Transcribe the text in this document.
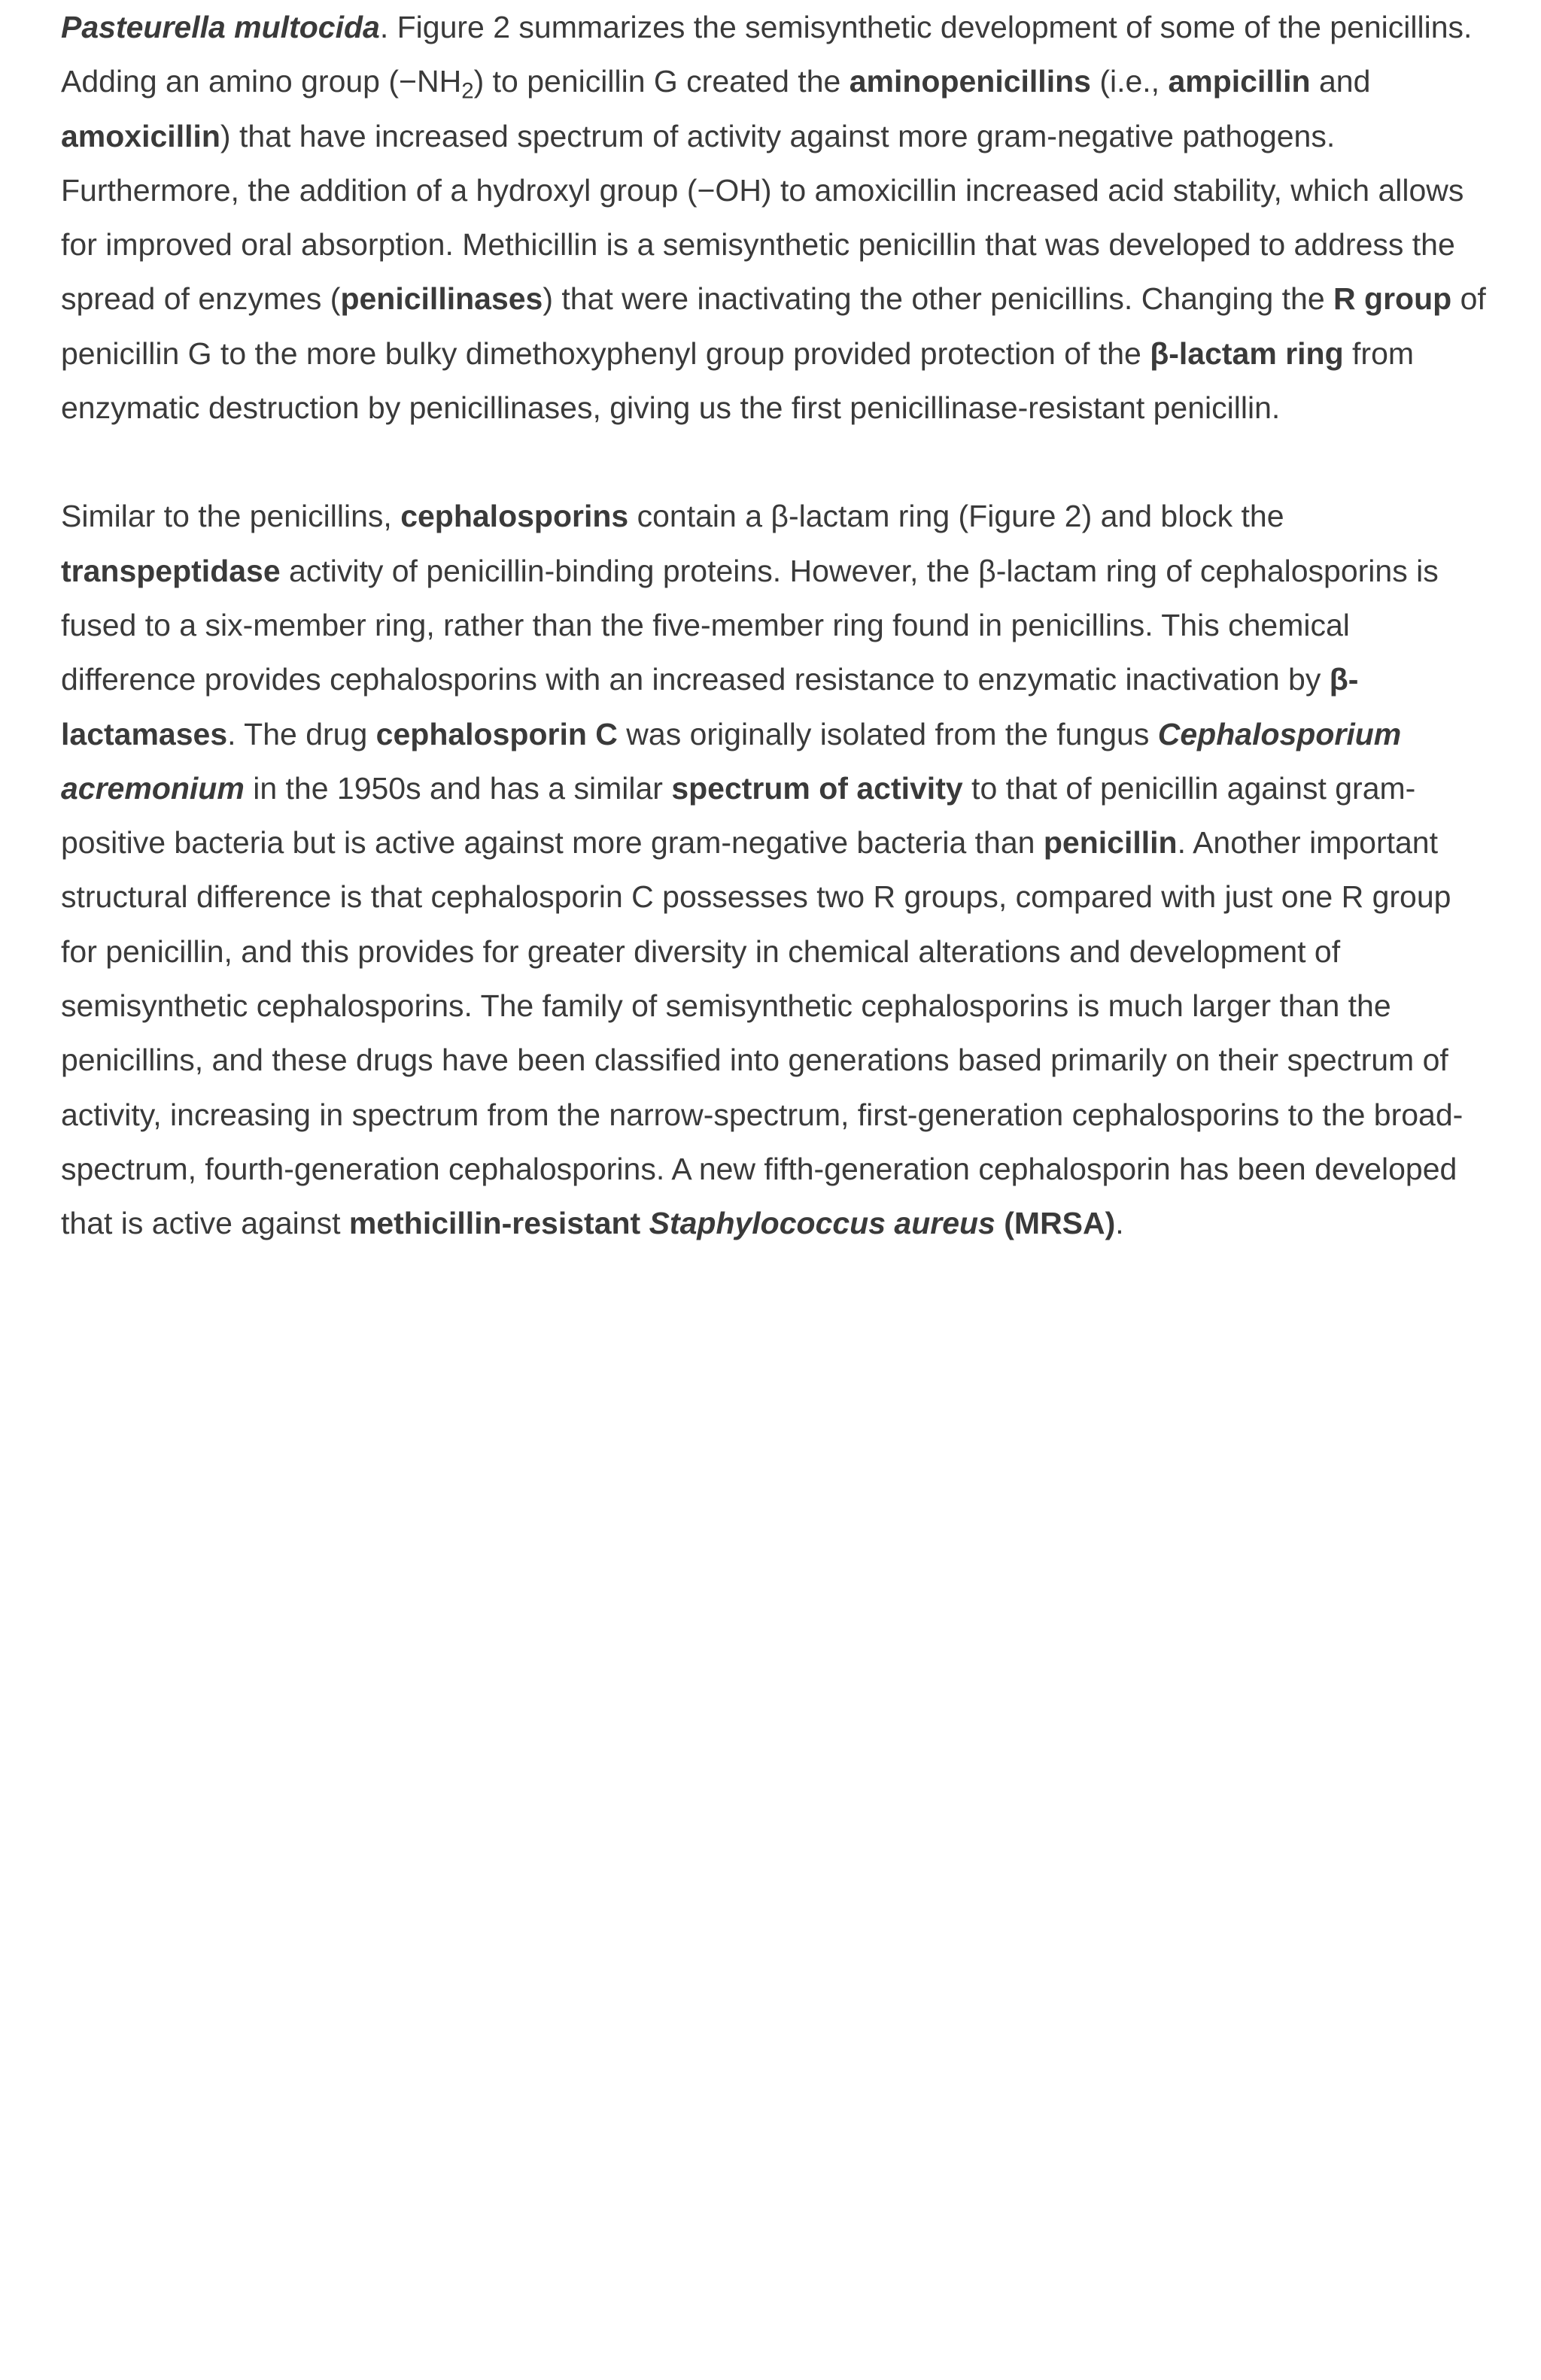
Pasteurella multocida. Figure 2 summarizes the semisynthetic development of some of the penicillins. Adding an amino group $(-NH_2)$ to penicillin G created the aminopenicillins (i.e., ampicillin and amoxicillin) that have increased spectrum of activity against more gram-negative pathogens. Furthermore, the addition of a hydroxyl group (−OH) to amoxicillin increased acid stability, which allows for improved oral absorption. Methicillin is a semisynthetic penicillin that was developed to address the spread of enzymes (penicillinases) that were inactivating the other penicillins. Changing the R group of penicillin G to the more bulky dimethoxyphenyl group provided protection of the β-lactam ring from enzymatic destruction by penicillinases, giving us the first penicillinase-resistant penicillin.

Similar to the penicillins, cephalosporins contain a β-lactam ring (Figure 2) and block the transpeptidase activity of penicillin-binding proteins. However, the β-lactam ring of cephalosporins is fused to a six-member ring, rather than the five-member ring found in penicillins. This chemical difference provides cephalosporins with an increased resistance to enzymatic inactivation by β-lactamases. The drug cephalosporin C was originally isolated from the fungus Cephalosporium acremonium in the 1950s and has a similar spectrum of activity to that of penicillin against gram-positive bacteria but is active against more gram-negative bacteria than penicillin. Another important structural difference is that cephalosporin C possesses two R groups, compared with just one R group for penicillin, and this provides for greater diversity in chemical alterations and development of semisynthetic cephalosporins. The family of semisynthetic cephalosporins is much larger than the penicillins, and these drugs have been classified into generations based primarily on their spectrum of activity, increasing in spectrum from the narrow-spectrum, first-generation cephalosporins to the broad-spectrum, fourth-generation cephalosporins. A new fifth-generation cephalosporin has been developed that is active against methicillin-resistant Staphylococcus aureus (MRSA).
